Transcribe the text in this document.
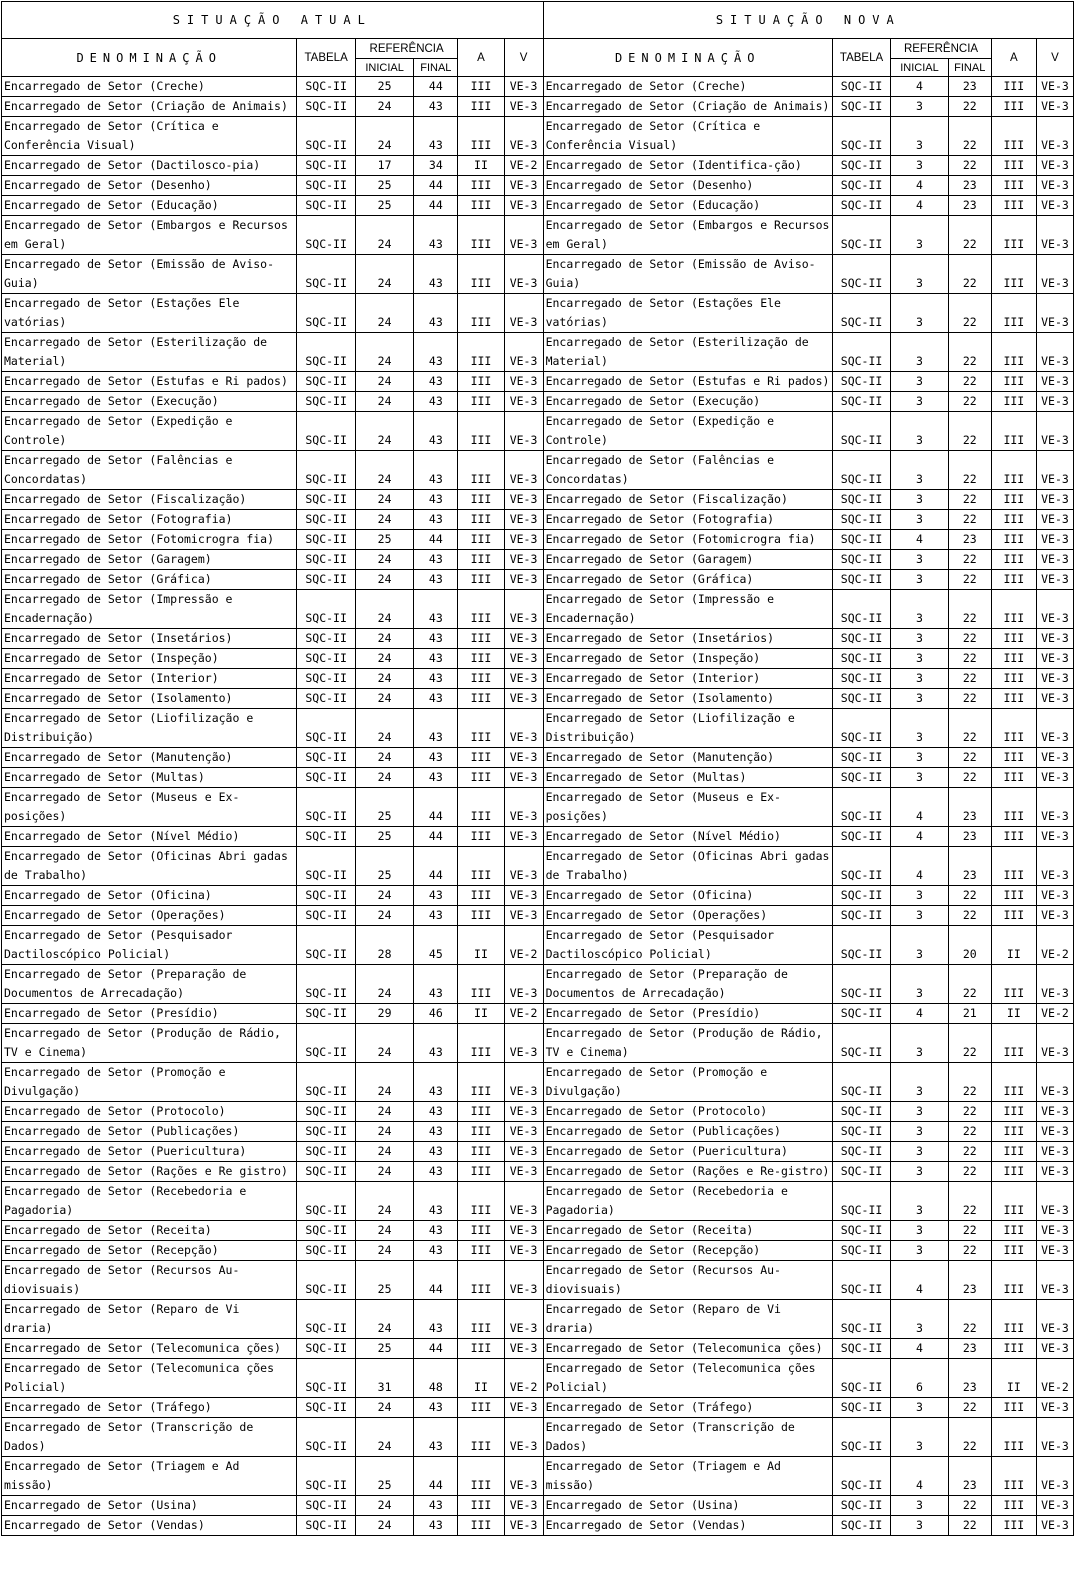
SITUAÇÃO ATUAL						SITUAÇÃO NOVA					
DENOMINAÇÃO	TABELA	REFERÊNCIA		A	V	DENOMINAÇÃO	TABELA	REFERÊNCIA		A	V
		INICIAL	FINAL					INICIAL	FINAL		
Encarregado de Setor (Creche)	SQC-II	25	44	III	VE-3	Encarregado de Setor (Creche)	SQC-II	4	23	III	VE-3
Encarregado de Setor (Criação de Animais)	SQC-II	24	43	III	VE-3	Encarregado de Setor (Criação de Animais)	SQC-II	3	22	III	VE-3
Encarregado de Setor (Crítica e Conferência Visual)	SQC-II	24	43	III	VE-3	Encarregado de Setor (Crítica e Conferência Visual)	SQC-II	3	22	III	VE-3
Encarregado de Setor (Dactilosco-pia)	SQC-II	17	34	II	VE-2	Encarregado de Setor (Identifica-ção)	SQC-II	3	22	III	VE-3
Encarregado de Setor (Desenho)	SQC-II	25	44	III	VE-3	Encarregado de Setor (Desenho)	SQC-II	4	23	III	VE-3
Encarregado de Setor (Educação)	SQC-II	25	44	III	VE-3	Encarregado de Setor (Educação)	SQC-II	4	23	III	VE-3
Encarregado de Setor (Embargos e Recursos em Geral)	SQC-II	24	43	III	VE-3	Encarregado de Setor (Embargos e Recursos em Geral)	SQC-II	3	22	III	VE-3
Encarregado de Setor (Emissão de Aviso-Guia)	SQC-II	24	43	III	VE-3	Encarregado de Setor (Emissão de Aviso-Guia)	SQC-II	3	22	III	VE-3
Encarregado de Setor (Estações Ele vatórias)	SQC-II	24	43	III	VE-3	Encarregado de Setor (Estações Ele vatórias)	SQC-II	3	22	III	VE-3
Encarregado de Setor (Esterilização de Material)	SQC-II	24	43	III	VE-3	Encarregado de Setor (Esterilização de Material)	SQC-II	3	22	III	VE-3
Encarregado de Setor (Estufas e Ri pados)	SQC-II	24	43	III	VE-3	Encarregado de Setor (Estufas e Ri pados)	SQC-II	3	22	III	VE-3
Encarregado de Setor (Execução)	SQC-II	24	43	III	VE-3	Encarregado de Setor (Execução)	SQC-II	3	22	III	VE-3
Encarregado de Setor (Expedição e Controle)	SQC-II	24	43	III	VE-3	Encarregado de Setor (Expedição e Controle)	SQC-II	3	22	III	VE-3
Encarregado de Setor (Falências e Concordatas)	SQC-II	24	43	III	VE-3	Encarregado de Setor (Falências e Concordatas)	SQC-II	3	22	III	VE-3
Encarregado de Setor (Fiscalização)	SQC-II	24	43	III	VE-3	Encarregado de Setor (Fiscalização)	SQC-II	3	22	III	VE-3
Encarregado de Setor (Fotografia)	SQC-II	24	43	III	VE-3	Encarregado de Setor (Fotografia)	SQC-II	3	22	III	VE-3
Encarregado de Setor (Fotomicrogra fia)	SQC-II	25	44	III	VE-3	Encarregado de Setor (Fotomicrogra fia)	SQC-II	4	23	III	VE-3
Encarregado de Setor (Garagem)	SQC-II	24	43	III	VE-3	Encarregado de Setor (Garagem)	SQC-II	3	22	III	VE-3
Encarregado de Setor (Gráfica)	SQC-II	24	43	III	VE-3	Encarregado de Setor (Gráfica)	SQC-II	3	22	III	VE-3
Encarregado de Setor (Impressão e Encadernação)	SQC-II	24	43	III	VE-3	Encarregado de Setor (Impressão e Encadernação)	SQC-II	3	22	III	VE-3
Encarregado de Setor (Insetários)	SQC-II	24	43	III	VE-3	Encarregado de Setor (Insetários)	SQC-II	3	22	III	VE-3
Encarregado de Setor (Inspeção)	SQC-II	24	43	III	VE-3	Encarregado de Setor (Inspeção)	SQC-II	3	22	III	VE-3
Encarregado de Setor (Interior)	SQC-II	24	43	III	VE-3	Encarregado de Setor (Interior)	SQC-II	3	22	III	VE-3
Encarregado de Setor (Isolamento)	SQC-II	24	43	III	VE-3	Encarregado de Setor (Isolamento)	SQC-II	3	22	III	VE-3
Encarregado de Setor (Liofilização e Distribuição)	SQC-II	24	43	III	VE-3	Encarregado de Setor (Liofilização e Distribuição)	SQC-II	3	22	III	VE-3
Encarregado de Setor (Manutenção)	SQC-II	24	43	III	VE-3	Encarregado de Setor (Manutenção)	SQC-II	3	22	III	VE-3
Encarregado de Setor (Multas)	SQC-II	24	43	III	VE-3	Encarregado de Setor (Multas)	SQC-II	3	22	III	VE-3
Encarregado de Setor (Museus e Ex-posições)	SQC-II	25	44	III	VE-3	Encarregado de Setor (Museus e Ex-posições)	SQC-II	4	23	III	VE-3
Encarregado de Setor (Nível Médio)	SQC-II	25	44	III	VE-3	Encarregado de Setor (Nível Médio)	SQC-II	4	23	III	VE-3
Encarregado de Setor (Oficinas Abri gadas de Trabalho)	SQC-II	25	44	III	VE-3	Encarregado de Setor (Oficinas Abri gadas de Trabalho)	SQC-II	4	23	III	VE-3
Encarregado de Setor (Oficina)	SQC-II	24	43	III	VE-3	Encarregado de Setor (Oficina)	SQC-II	3	22	III	VE-3
Encarregado de Setor (Operações)	SQC-II	24	43	III	VE-3	Encarregado de Setor (Operações)	SQC-II	3	22	III	VE-3
Encarregado de Setor (Pesquisador Dactiloscópico Policial)	SQC-II	28	45	II	VE-2	Encarregado de Setor (Pesquisador Dactiloscópico Policial)	SQC-II	3	20	II	VE-2
Encarregado de Setor (Preparação de Documentos de Arrecadação)	SQC-II	24	43	III	VE-3	Encarregado de Setor (Preparação de Documentos de Arrecadação)	SQC-II	3	22	III	VE-3
Encarregado de Setor (Presídio)	SQC-II	29	46	II	VE-2	Encarregado de Setor (Presídio)	SQC-II	4	21	II	VE-2
Encarregado de Setor (Produção de Rádio, TV e Cinema)	SQC-II	24	43	III	VE-3	Encarregado de Setor (Produção de Rádio, TV e Cinema)	SQC-II	3	22	III	VE-3
Encarregado de Setor (Promoção e Divulgação)	SQC-II	24	43	III	VE-3	Encarregado de Setor (Promoção e Divulgação)	SQC-II	3	22	III	VE-3
Encarregado de Setor (Protocolo)	SQC-II	24	43	III	VE-3	Encarregado de Setor (Protocolo)	SQC-II	3	22	III	VE-3
Encarregado de Setor (Publicações)	SQC-II	24	43	III	VE-3	Encarregado de Setor (Publicações)	SQC-II	3	22	III	VE-3
Encarregado de Setor (Puericultura)	SQC-II	24	43	III	VE-3	Encarregado de Setor (Puericultura)	SQC-II	3	22	III	VE-3
Encarregado de Setor (Rações e Re gistro)	SQC-II	24	43	III	VE-3	Encarregado de Setor (Rações e Re-gistro)	SQC-II	3	22	III	VE-3
Encarregado de Setor (Recebedoria e Pagadoria)	SQC-II	24	43	III	VE-3	Encarregado de Setor (Recebedoria e Pagadoria)	SQC-II	3	22	III	VE-3
Encarregado de Setor (Receita)	SQC-II	24	43	III	VE-3	Encarregado de Setor (Receita)	SQC-II	3	22	III	VE-3
Encarregado de Setor (Recepção)	SQC-II	24	43	III	VE-3	Encarregado de Setor (Recepção)	SQC-II	3	22	III	VE-3
Encarregado de Setor (Recursos Au-diovisuais)	SQC-II	25	44	III	VE-3	Encarregado de Setor (Recursos Au-diovisuais)	SQC-II	4	23	III	VE-3
Encarregado de Setor (Reparo de Vi draria)	SQC-II	24	43	III	VE-3	Encarregado de Setor (Reparo de Vi draria)	SQC-II	3	22	III	VE-3
Encarregado de Setor (Telecomunica ções)	SQC-II	25	44	III	VE-3	Encarregado de Setor (Telecomunica ções)	SQC-II	4	23	III	VE-3
Encarregado de Setor (Telecomunica ções Policial)	SQC-II	31	48	II	VE-2	Encarregado de Setor (Telecomunica ções Policial)	SQC-II	6	23	II	VE-2
Encarregado de Setor (Tráfego)	SQC-II	24	43	III	VE-3	Encarregado de Setor (Tráfego)	SQC-II	3	22	III	VE-3
Encarregado de Setor (Transcrição de Dados)	SQC-II	24	43	III	VE-3	Encarregado de Setor (Transcrição de Dados)	SQC-II	3	22	III	VE-3
Encarregado de Setor (Triagem e Ad missão)	SQC-II	25	44	III	VE-3	Encarregado de Setor (Triagem e Ad missão)	SQC-II	4	23	III	VE-3
Encarregado de Setor (Usina)	SQC-II	24	43	III	VE-3	Encarregado de Setor (Usina)	SQC-II	3	22	III	VE-3
Encarregado de Setor (Vendas)	SQC-II	24	43	III	VE-3	Encarregado de Setor (Vendas)	SQC-II	3	22	III	VE-3
